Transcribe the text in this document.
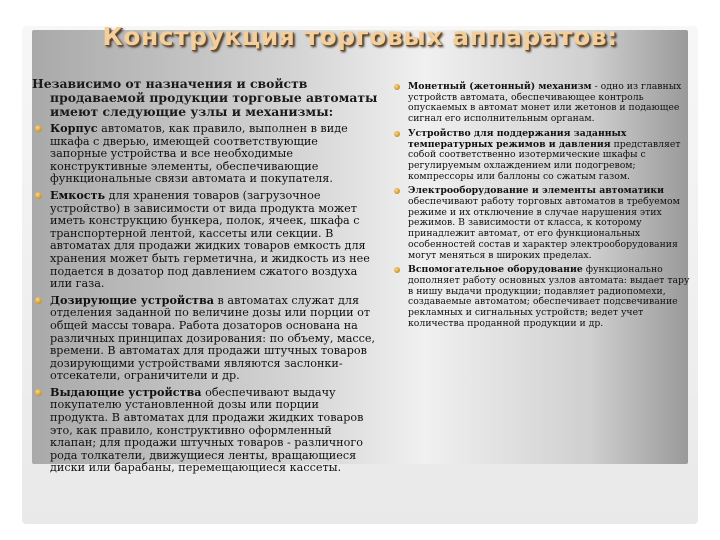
Конструкция торговых аппаратов:
Независимо от назначения и свойств продаваемой продукции торговые автоматы имеют следующие узлы и механизмы:
Корпус автоматов, как правило, выполнен в виде шкафа с дверью, имеющей соответствующие запорные устройства и все необходимые конструктивные элементы, обеспечивающие функциональные связи автомата и покупателя.
Емкость для хранения товаров (загрузочное устройство) в зависимости от вида продукта может иметь конструкцию бункера, полок, ячеек, шкафа с транспортерной лентой, кассеты или секции. В автоматах для продажи жидких товаров емкость для хранения может быть герметична, и жидкость из нее подается в дозатор под давлением сжатого воздуха или газа.
Дозирующие устройства в автоматах служат для отделения заданной по величине дозы или порции от общей массы товара. Работа дозаторов основана на различных принципах дозирования: по объему, массе, времени. В автоматах для продажи штучных товаров дозирующими устройствами являются заслонки-отсекатели, ограничители и др.
Выдающие устройства обеспечивают выдачу покупателю установленной дозы или порции продукта. В автоматах для продажи жидких товаров это, как правило, конструктивно оформленный клапан; для продажи штучных товаров - различного рода толкатели, движущиеся ленты, вращающиеся диски или барабаны, перемещающиеся кассеты.
Монетный (жетонный) механизм - одно из главных устройств автомата, обеспечивающее контроль опускаемых в автомат монет или жетонов и подающее сигнал его исполнительным органам.
Устройство для поддержания заданных температурных режимов и давления представляет собой соответственно изотермические шкафы с регулируемым охлаждением или подогревом; компрессоры или баллоны со сжатым газом.
Электрооборудование и элементы автоматики обеспечивают работу торговых автоматов в требуемом режиме и их отключение в случае нарушения этих режимов. В зависимости от класса, к которому принадлежит автомат, от его функциональных особенностей состав и характер электрооборудования могут меняться в широких пределах.
Вспомогательное оборудование функционально дополняет работу основных узлов автомата: выдает тару в нишу выдачи продукции; подавляет радиопомехи, создаваемые автоматом; обеспечивает подсвечивание рекламных и сигнальных устройств; ведет учет количества проданной продукции и др.
